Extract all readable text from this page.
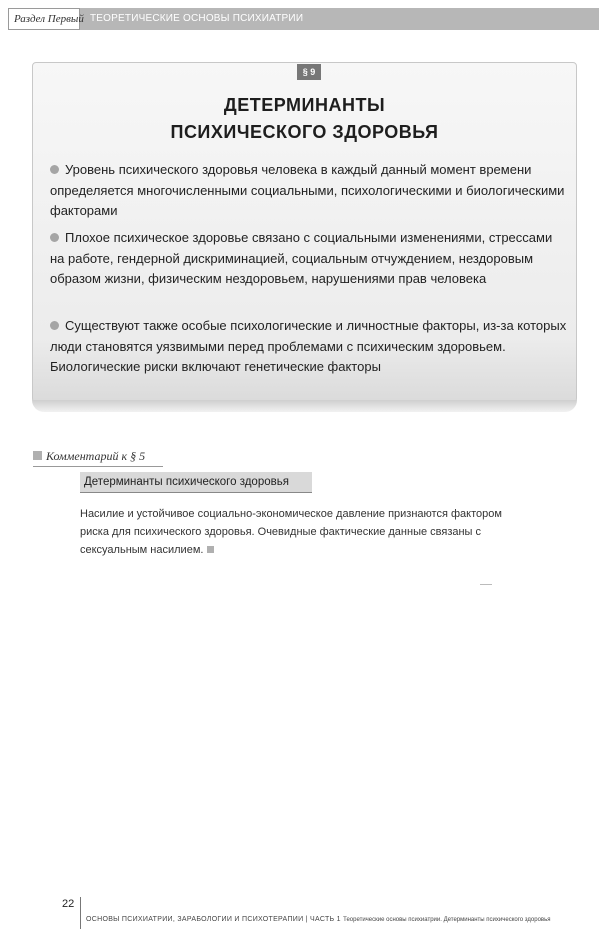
Раздел Первый ТЕОРЕТИЧЕСКИЕ ОСНОВЫ ПСИХИАТРИИ
§ 9
ДЕТЕРМИНАНТЫ
ПСИХИЧЕСКОГО ЗДОРОВЬЯ
Уровень психического здоровья человека в каждый данный момент времени определяется многочисленными социальными, психологическими и биологическими факторами
Плохое психическое здоровье связано с социальными изменениями, стрессами на работе, гендерной дискриминацией, социальным отчуждением, нездоровым образом жизни, физическим нездоровьем, нарушениями прав человека
Существуют также особые психологические и личностные факторы, из-за которых люди становятся уязвимыми перед проблемами с психическим здоровьем. Биологические риски включают генетические факторы
Комментарий к § 5
Детерминанты психического здоровья
Насилие и устойчивое социально-экономическое давление признаются фактором риска для психического здоровья. Очевидные фактические данные связаны с сексуальным насилием.
22
ОСНОВЫ ПСИХИАТРИИ, ЗАРАБОЛОГИИ И ПСИХОТЕРАПИИ | ЧАСТЬ 1 Теоретические основы психиатрии. Детерминанты психического здоровья
